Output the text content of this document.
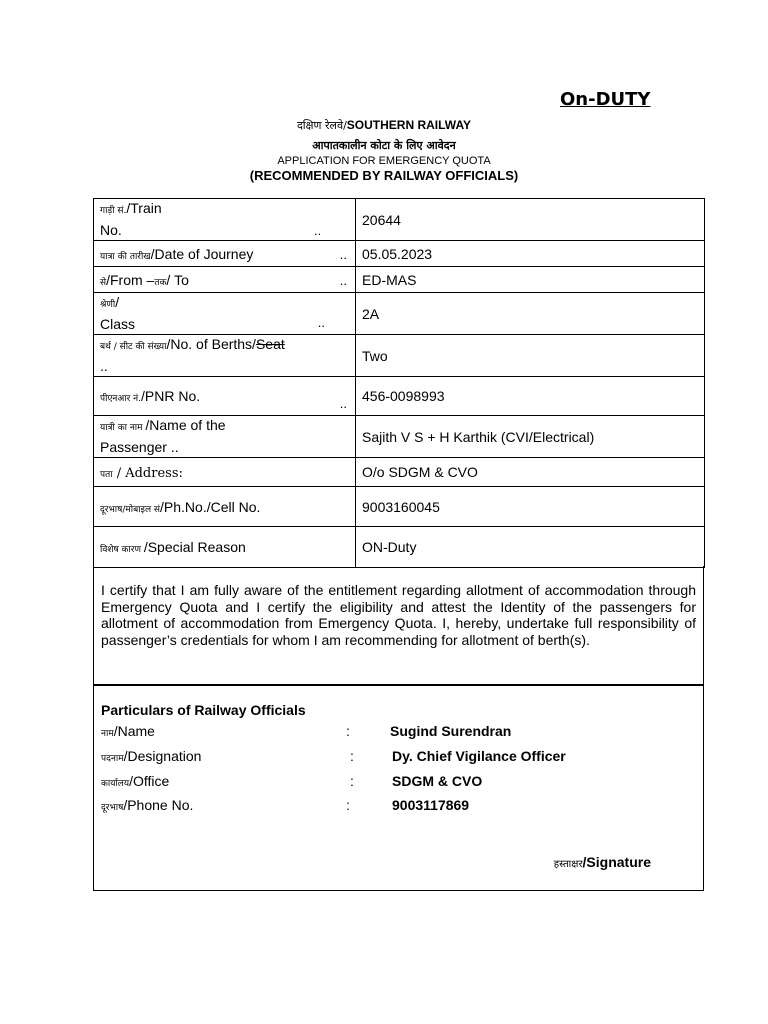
On-DUTY
दक्षिण रेलवे/SOUTHERN RAILWAY
आपातकालीन कोटा के लिए आवेदन
APPLICATION FOR EMERGENCY QUOTA
(RECOMMENDED BY RAILWAY OFFICIALS)
गाड़ी सं./Train
No. ..	20644
यात्रा की तारीख/Date of Journey ..	05.05.2023
से/From –तक/ To ..	ED-MAS

श्रेणी/
Class ..	2A

बर्थ / सीट की संख्या/No. of Berths/Seat
..	Two
पीएनआर नं./PNR No. ..	456-0098993

यात्री का नाम /Name of the
Passenger ..	Sajith V S + H Karthik (CVI/Electrical)
पता / Address:	O/o SDGM & CVO
दूरभाष/मोबाइल सं/Ph.No./Cell No.	9003160045
विशेष कारण /Special Reason	ON-Duty

I certify that I am fully aware of the entitlement regarding allotment of accommodation through Emergency Quota and I certify the eligibility and attest the Identity of the passengers for allotment of accommodation from Emergency Quota. I, hereby, undertake full responsibility of passenger’s credentials for whom I am recommending for allotment of berth(s).

Particulars of Railway Officials
नाम/Name	:	Sugind Surendran
पदनाम/Designation	:	Dy. Chief Vigilance Officer
कार्यालय/Office	:	SDGM & CVO
दूरभाष/Phone No.	:	9003117869
हस्ताक्षर/Signature
